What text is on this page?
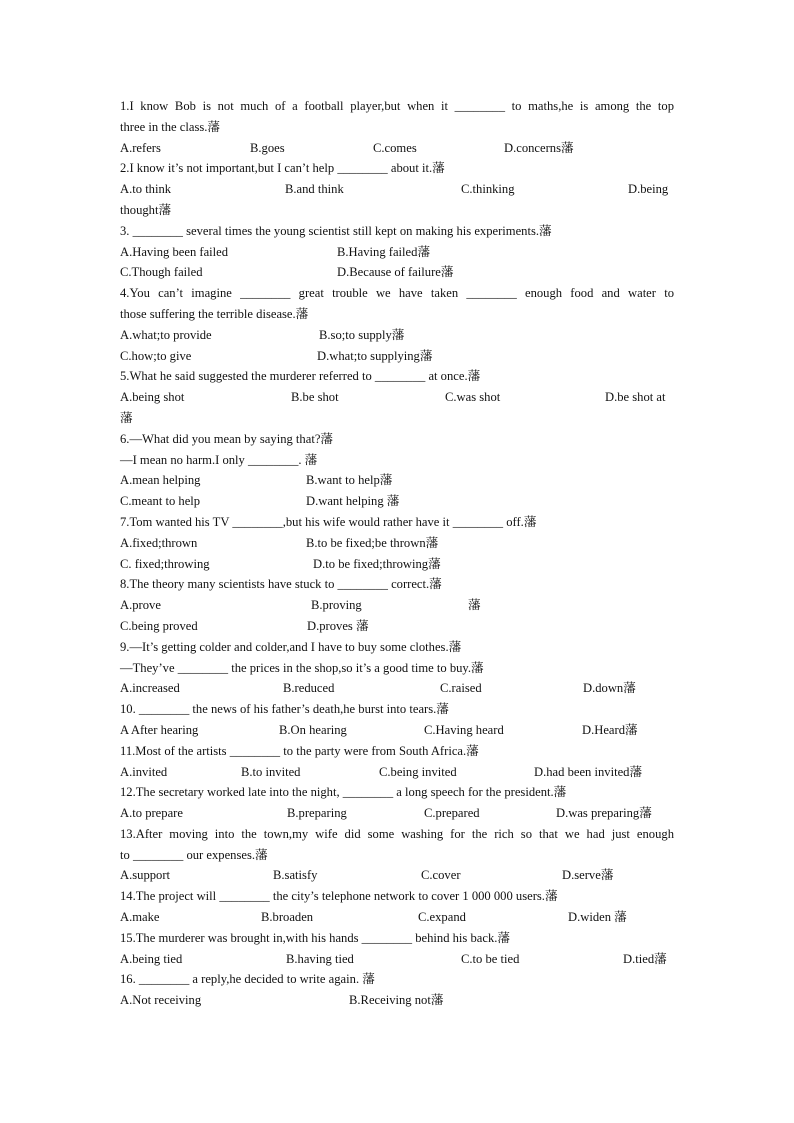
1.I know Bob is not much of a football player,but when it ________ to maths,he is among the top
three in the class.藩
A.refers	B.goes	C.comes	D.concerns藩
2.I know it’s not important,but I can’t help ________ about it.藩
A.to think	B.and think	C.thinking	D.being
thought藩
3. ________ several times the young scientist still kept on making his experiments.藩
A.Having been failed	B.Having failed藩
C.Though failed	D.Because of failure藩
4.You can’t imagine ________ great trouble we have taken ________ enough food and water to
those suffering the terrible disease.藩
A.what;to provide	B.so;to supply藩
C.how;to give	D.what;to supplying藩
5.What he said suggested the murderer referred to ________ at once.藩
A.being shot	B.be shot	C.was shot	D.be shot at
藩
6.—What did you mean by saying that?藩
—I mean no harm.I only ________. 藩
A.mean helping	B.want to help藩
C.meant to help	D.want helping 藩
7.Tom wanted his TV ________,but his wife would rather have it ________ off.藩
A.fixed;thrown	B.to be fixed;be thrown藩
C. fixed;throwing	D.to be fixed;throwing藩
8.The theory many scientists have stuck to ________ correct.藩
A.prove	B.proving	藩
C.being proved	D.proves 藩
9.—It’s getting colder and colder,and I have to buy some clothes.藩
—They’ve ________ the prices in the shop,so it’s a good time to buy.藩
A.increased	B.reduced	C.raised	D.down藩
10. ________ the news of his father’s death,he burst into tears.藩
A After hearing	B.On hearing	C.Having heard	D.Heard藩
11.Most of the artists ________ to the party were from South Africa.藩
A.invited	B.to invited	C.being invited	D.had been invited藩
12.The secretary worked late into the night, ________ a long speech for the president.藩
A.to prepare	B.preparing	C.prepared	D.was preparing藩
13.After moving into the town,my wife did some washing for the rich so that we had just enough
to ________ our expenses.藩
A.support	B.satisfy	C.cover	D.serve藩
14.The project will ________ the city’s telephone network to cover 1 000 000 users.藩
A.make	B.broaden	C.expand	D.widen 藩
15.The murderer was brought in,with his hands ________ behind his back.藩
A.being tied	B.having tied	C.to be tied	D.tied藩
16. ________ a reply,he decided to write again. 藩
A.Not receiving	B.Receiving not藩
